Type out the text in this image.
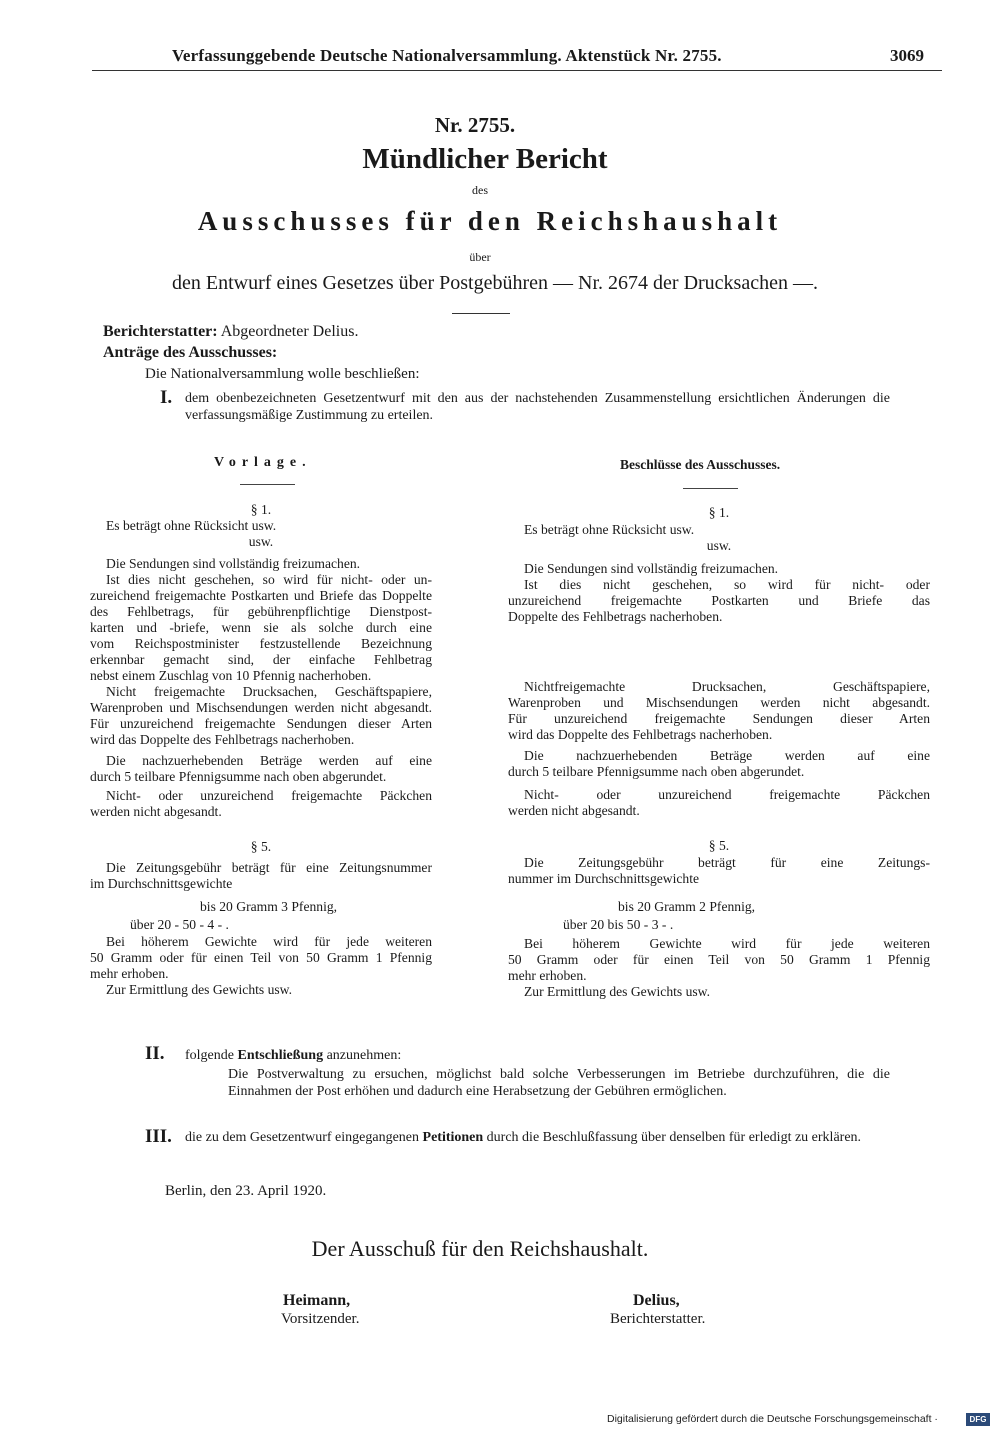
Verfassunggebende Deutsche Nationalversammlung. Aktenstück Nr. 2755.	3069
Nr. 2755.
Mündlicher Bericht
des
Ausschusses für den Reichshaushalt
über
den Entwurf eines Gesetzes über Postgebühren — Nr. 2674 der Drucksachen —.
Berichterstatter: Abgeordneter Delius.
Anträge des Ausschusses:
Die Nationalversammlung wolle beschließen:
I. dem obenbezeichneten Gesetzentwurf mit den aus der nachstehenden Zusammenstellung ersichtlichen Änderungen die verfassungsmäßige Zustimmung zu erteilen.
Vorlage.	Beschlüsse des Ausschusses.
§ 1.
Es beträgt ohne Rücksicht usw.
usw.
Die Sendungen sind vollständig freizumachen.
Ist dies nicht geschehen, so wird für nicht- oder un-
zureichend freigemachte Postkarten und Briefe das Doppelte
des Fehlbetrags, für gebührenpflichtige Dienstpost-
karten und -briefe, wenn sie als solche durch eine
vom Reichspostminister festzustellende Bezeichnung
erkennbar gemacht sind, der einfache Fehlbetrag
nebst einem Zuschlag von 10 Pfennig nacherhoben.
Nicht freigemachte Drucksachen, Geschäftspapiere,
Warenproben und Mischsendungen werden nicht abgesandt.
Für unzureichend freigemachte Sendungen dieser Arten
wird das Doppelte des Fehlbetrags nacherhoben.
Die nachzuerhebenden Beträge werden auf eine
durch 5 teilbare Pfennigsumme nach oben abgerundet.
Nicht- oder unzureichend freigemachte Päckchen
werden nicht abgesandt.
§ 5.
Die Zeitungsgebühr beträgt für eine Zeitungsnummer
im Durchschnittsgewichte
bis 20 Gramm 3 Pfennig,
über 20 - 50 - 4 - .
Bei höherem Gewichte wird für jede weiteren
50 Gramm oder für einen Teil von 50 Gramm 1 Pfennig
mehr erhoben.
Zur Ermittlung des Gewichts usw.
§ 1.
Es beträgt ohne Rücksicht usw.
usw.
Die Sendungen sind vollständig freizumachen.
Ist dies nicht geschehen, so wird für nicht- oder
unzureichend freigemachte Postkarten und Briefe das
Doppelte des Fehlbetrags nacherhoben.
Nichtfreigemachte Drucksachen, Geschäftspapiere,
Warenproben und Mischsendungen werden nicht abgesandt.
Für unzureichend freigemachte Sendungen dieser Arten
wird das Doppelte des Fehlbetrags nacherhoben.
Die nachzuerhebenden Beträge werden auf eine
durch 5 teilbare Pfennigsumme nach oben abgerundet.
Nicht- oder unzureichend freigemachte Päckchen
werden nicht abgesandt.
§ 5.
Die Zeitungsgebühr beträgt für eine Zeitungs-
nummer im Durchschnittsgewichte
bis 20 Gramm 2 Pfennig,
über 20 bis 50 - 3 - .
Bei höherem Gewichte wird für jede weiteren
50 Gramm oder für einen Teil von 50 Gramm 1 Pfennig
mehr erhoben.
Zur Ermittlung des Gewichts usw.
II. folgende Entschließung anzunehmen:
Die Postverwaltung zu ersuchen, möglichst bald solche Verbesserungen im Betriebe durchzuführen, die die Einnahmen der Post erhöhen und dadurch eine Herabsetzung der Gebühren ermöglichen.
III. die zu dem Gesetzentwurf eingegangenen Petitionen durch die Beschlußfassung über denselben für erledigt zu erklären.
Berlin, den 23. April 1920.
Der Ausschuß für den Reichshaushalt.
Heimann,
Vorsitzender.
Delius,
Berichterstatter.
Digitalisierung gefördert durch die Deutsche Forschungsgemeinschaft ·	DFG
